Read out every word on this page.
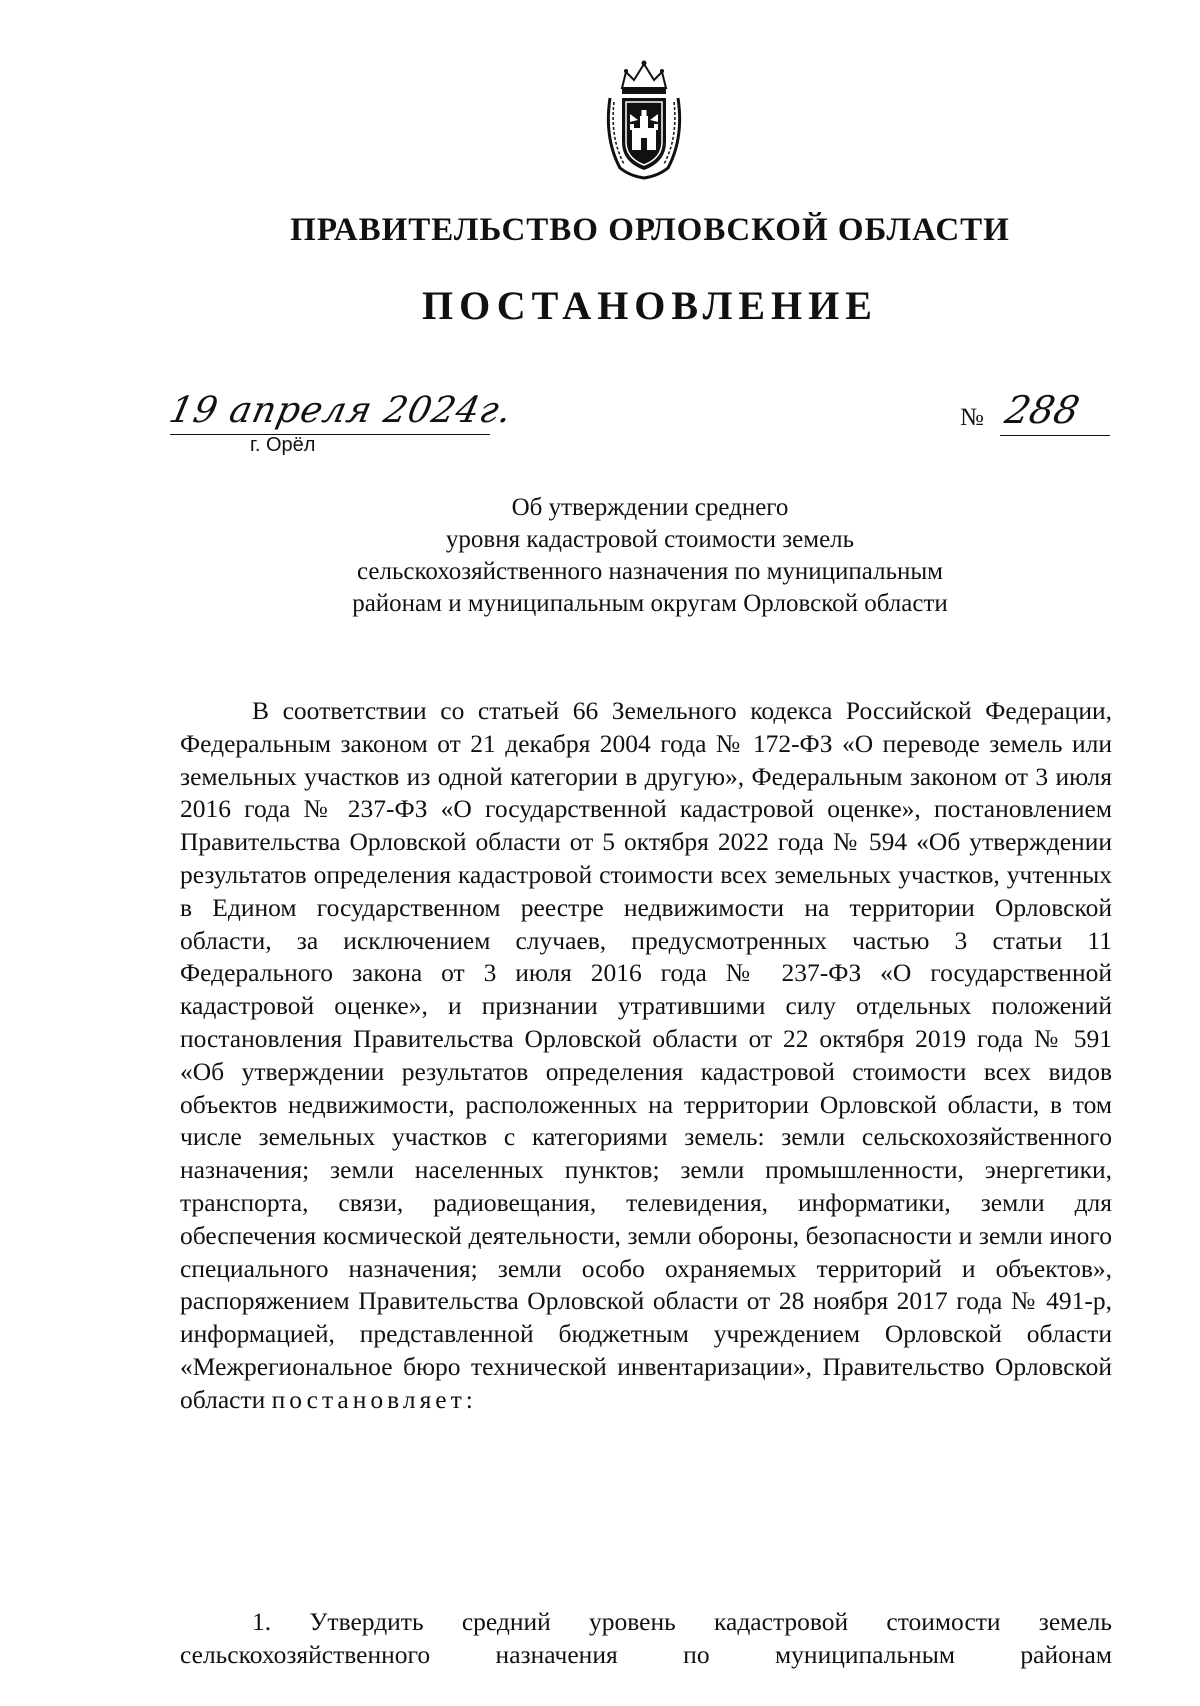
ПРАВИТЕЛЬСТВО ОРЛОВСКОЙ ОБЛАСТИ
ПОСТАНОВЛЕНИЕ
19 апреля 2024г.
г. Орёл
№ 288
Об утверждении среднего
уровня кадастровой стоимости земель
сельскохозяйственного назначения по муниципальным
районам и муниципальным округам Орловской области

В соответствии со статьей 66 Земельного кодекса Российской Федерации, Федеральным законом от 21 декабря 2004 года № 172-ФЗ «О переводе земель или земельных участков из одной категории в другую», Федеральным законом от 3 июля 2016 года № 237-ФЗ «О государственной кадастровой оценке», постановлением Правительства Орловской области от 5 октября 2022 года № 594 «Об утверждении результатов определения кадастровой стоимости всех земельных участков, учтенных в Едином государственном реестре недвижимости на территории Орловской области, за исключением случаев, предусмотренных частью 3 статьи 11 Федерального закона от 3 июля 2016 года № 237-ФЗ «О государственной кадастровой оценке», и признании утратившими силу отдельных положений постановления Правительства Орловской области от 22 октября 2019 года № 591 «Об утверждении результатов определения кадастровой стоимости всех видов объектов недвижимости, расположенных на территории Орловской области, в том числе земельных участков с категориями земель: земли сельскохозяйственного назначения; земли населенных пунктов; земли промышленности, энергетики, транспорта, связи, радиовещания, телевидения, информатики, земли для обеспечения космической деятельности, земли обороны, безопасности и земли иного специального назначения; земли особо охраняемых территорий и объектов», распоряжением Правительства Орловской области от 28 ноября 2017 года № 491-р, информацией, представленной бюджетным учреждением Орловской области «Межрегиональное бюро технической инвентаризации», Правительство Орловской области постановляет:

1. Утвердить средний уровень кадастровой стоимости земель сельскохозяйственного назначения по муниципальным районам
